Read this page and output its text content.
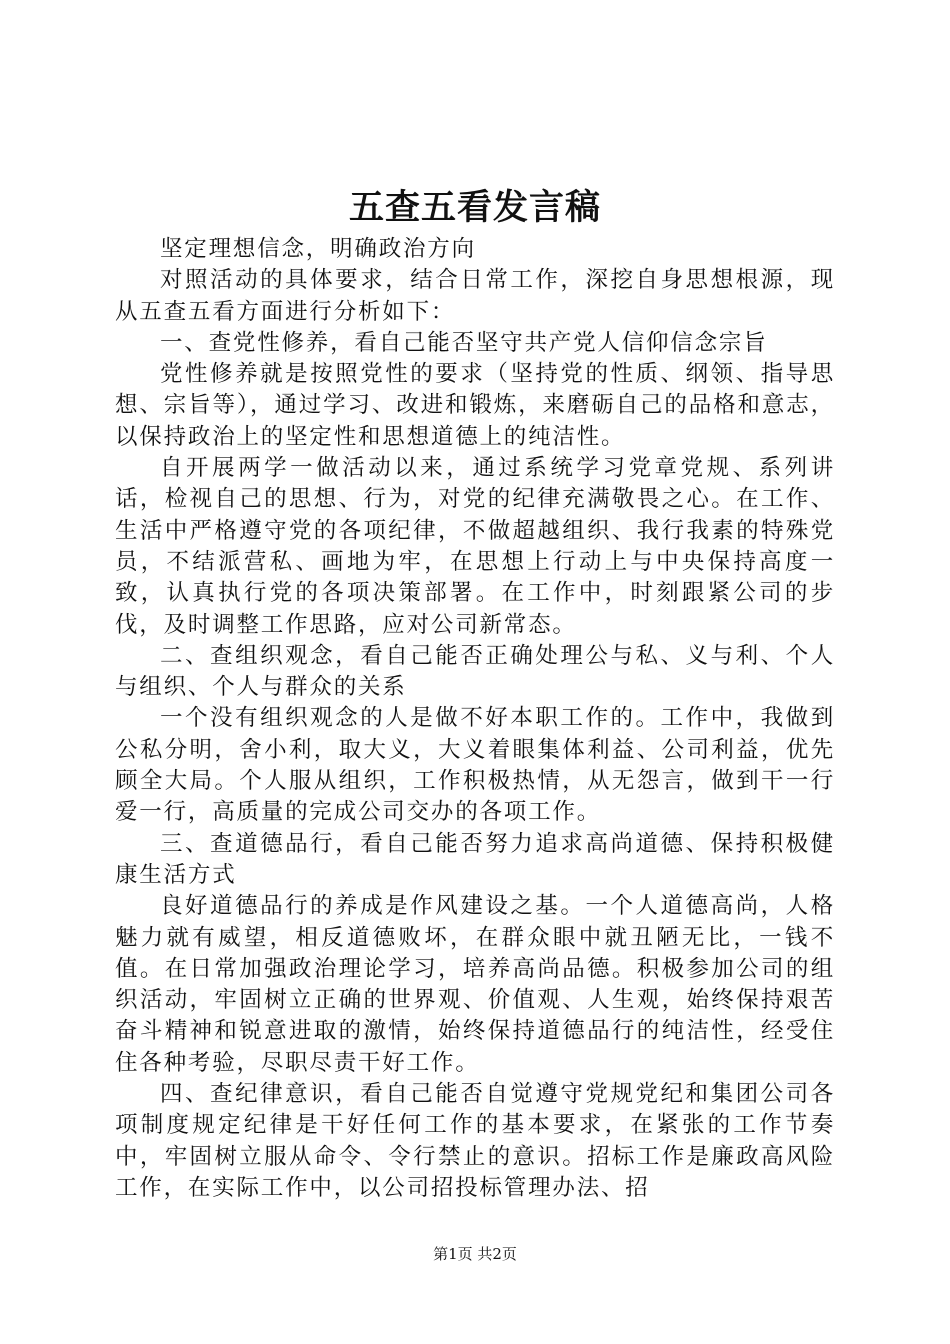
五查五看发言稿

坚定理想信念，明确政治方向

对照活动的具体要求，结合日常工作，深挖自身思想根源，现从五查五看方面进行分析如下：

一、查党性修养，看自己能否坚守共产党人信仰信念宗旨

党性修养就是按照党性的要求（坚持党的性质、纲领、指导思想、宗旨等），通过学习、改进和锻炼，来磨砺自己的品格和意志，以保持政治上的坚定性和思想道德上的纯洁性。

自开展两学一做活动以来，通过系统学习党章党规、系列讲话，检视自己的思想、行为，对党的纪律充满敬畏之心。在工作、生活中严格遵守党的各项纪律，不做超越组织、我行我素的特殊党员，不结派营私、画地为牢，在思想上行动上与中央保持高度一致，认真执行党的各项决策部署。在工作中，时刻跟紧公司的步伐，及时调整工作思路，应对公司新常态。

二、查组织观念，看自己能否正确处理公与私、义与利、个人与组织、个人与群众的关系

一个没有组织观念的人是做不好本职工作的。工作中，我做到公私分明，舍小利，取大义，大义着眼集体利益、公司利益，优先顾全大局。个人服从组织，工作积极热情，从无怨言，做到干一行爱一行，高质量的完成公司交办的各项工作。

三、查道德品行，看自己能否努力追求高尚道德、保持积极健康生活方式

良好道德品行的养成是作风建设之基。一个人道德高尚，人格魅力就有威望，相反道德败坏，在群众眼中就丑陋无比，一钱不值。在日常加强政治理论学习，培养高尚品德。积极参加公司的组织活动，牢固树立正确的世界观、价值观、人生观，始终保持艰苦奋斗精神和锐意进取的激情，始终保持道德品行的纯洁性，经受住住各种考验，尽职尽责干好工作。

四、查纪律意识，看自己能否自觉遵守党规党纪和集团公司各项制度规定纪律是干好任何工作的基本要求，在紧张的工作节奏中，牢固树立服从命令、令行禁止的意识。招标工作是廉政高风险工作，在实际工作中，以公司招投标管理办法、招

第1页 共2页
